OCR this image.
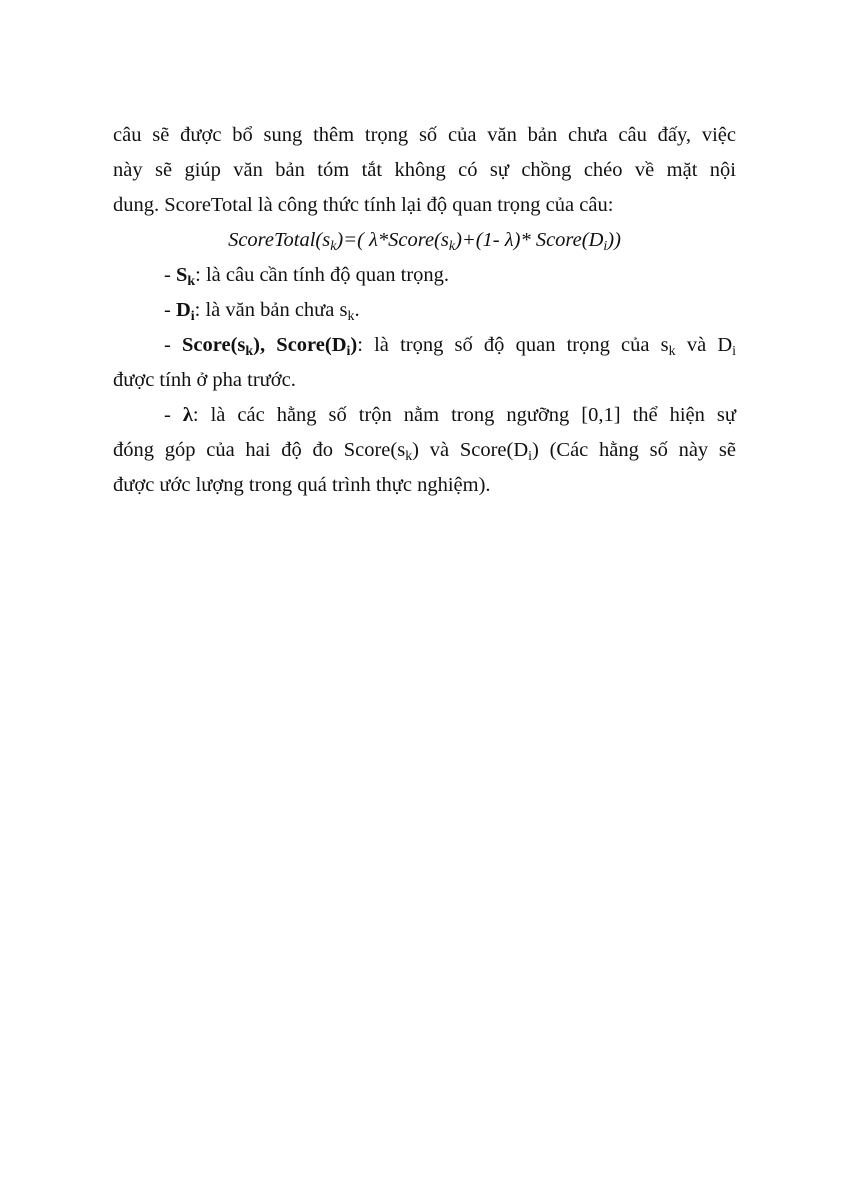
câu sẽ được bổ sung thêm trọng số của văn bản chưa câu đấy, việc
này sẽ giúp văn bản tóm tắt không có sự chồng chéo về mặt nội
dung. ScoreTotal là công thức tính lại độ quan trọng của câu:

$ScoreTotal(s_k)=$( $\lambda*Score(s_k)+(1-$ λ)* $Score(D_i)$)

- $S_k$: là câu cần tính độ quan trọng.

- $D_i$: là văn bản chưa $s_k$.

- $Score(s_k)$, $Score(D_i)$: là trọng số độ quan trọng của $s_k$ và $D_i$
được tính ở pha trước.

- λ: là các hằng số trộn nằm trong ngưỡng [0,1] thể hiện sự
đóng góp của hai độ đo $Score(s_k)$ và $Score(D_i)$ (Các hằng số này sẽ
được ước lượng trong quá trình thực nghiệm).
